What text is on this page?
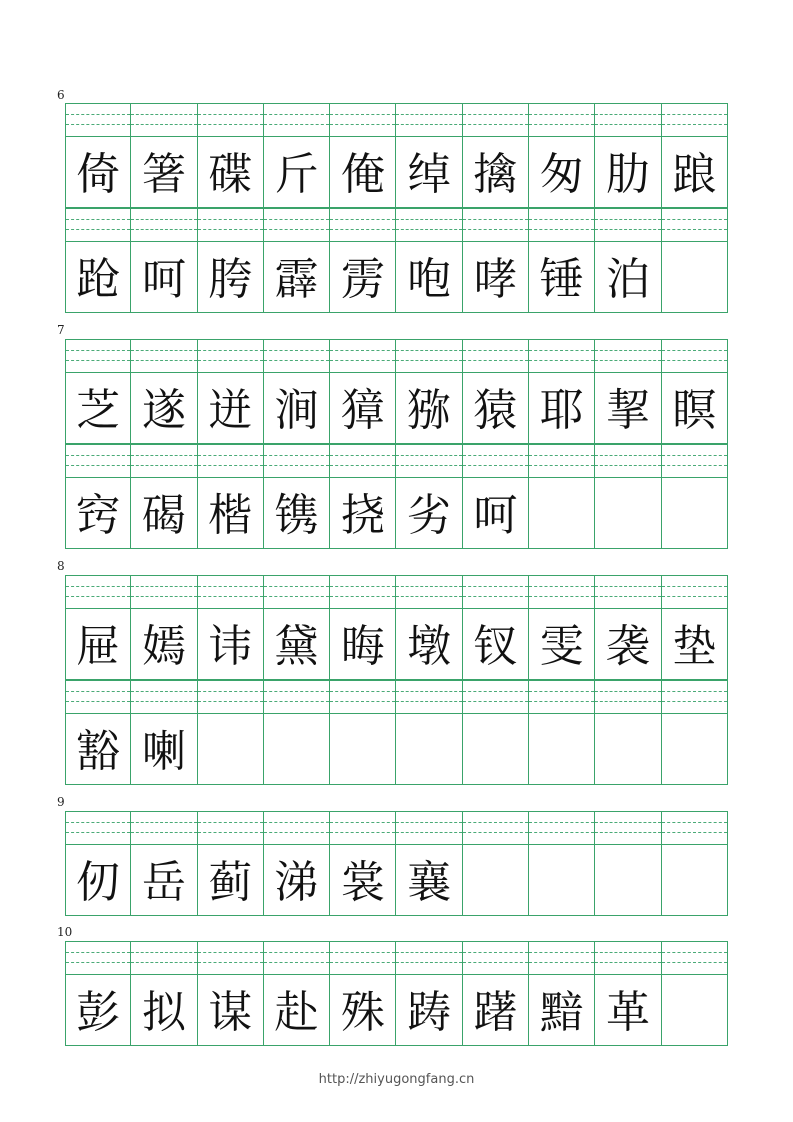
6
倚 箸 碟 斤 俺 绰 擒 匆 肋 踉
跄 呵 胯 霹 雳 咆 哮 锤 泊
7
芝 遂 迸 涧 獐 猕 猿 耶 挈 瞑
窍 碣 楷 镌 挠 劣 呵
8
屉 嫣 讳 黛 晦 墩 钗 雯 袭 垫
豁 喇
9
仞 岳 蓟 涕 裳 襄
10
彭 拟 谋 赴 殊 踌 躇 黯 革
http://zhiyugongfang.cn
